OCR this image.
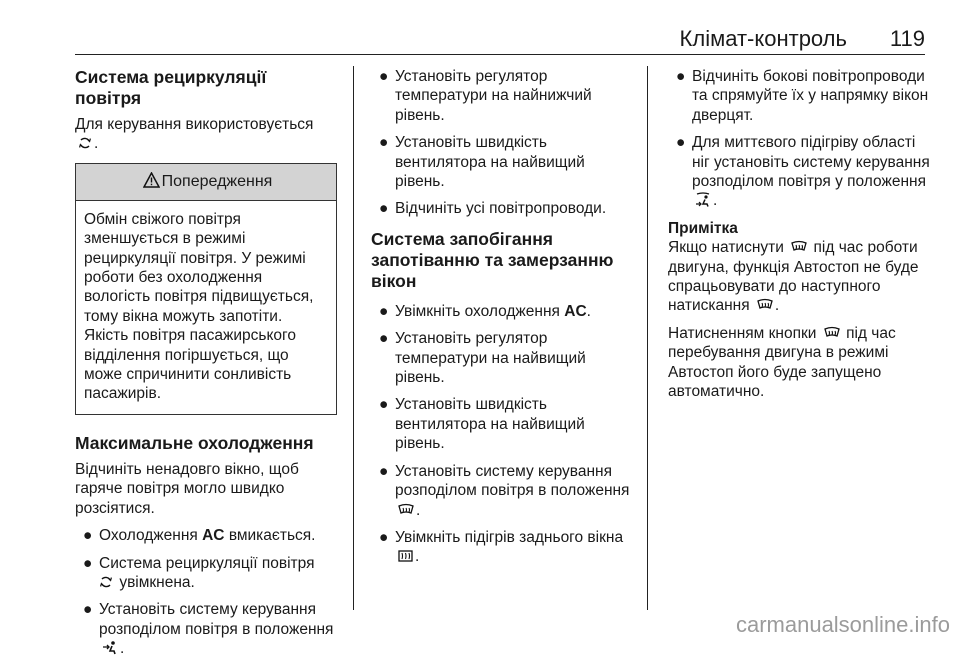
Клімат-контроль 119
Система рециркуляції повітря

Для керування використовується
.

Попередження
Обмін свіжого повітря зменшується в режимі рециркуляції повітря. У режимі роботи без охолодження вологість повітря підвищується, тому вікна можуть запотіти. Якість повітря пасажирського відділення погіршується, що може спричинити сонливість пасажирів.
Максимальне охолодження

Відчиніть ненадовго вікно, щоб гаряче повітря могло швидко розсіятися.

● Охолодження AC вмикається.
● Система рециркуляції повітря
увімкнена.
● Установіть систему керування розподілом повітря в положення .
● Установіть регулятор температури на найнижчий рівень.
● Установіть швидкість вентилятора на найвищий рівень.
● Відчиніть усі повітропроводи.
Система запобігання запотіванню та замерзанню вікон
● Увімкніть охолодження AC.
● Установіть регулятор температури на найвищий рівень.
● Установіть швидкість вентилятора на найвищий рівень.
● Установіть систему керування розподілом повітря в положення .
● Увімкніть підігрів заднього вікна .
● Відчиніть бокові повітропроводи та спрямуйте їх у напрямку вікон дверцят.
● Для миттєвого підігріву області ніг установіть систему керування розподілом повітря у положення .
Примітка

Якщо натиснути під час роботи двигуна, функція Автостоп не буде спрацьовувати до наступного натискання .

Натисненням кнопки під час перебування двигуна в режимі Автостоп його буде запущено автоматично.

carmanualsonline.info
